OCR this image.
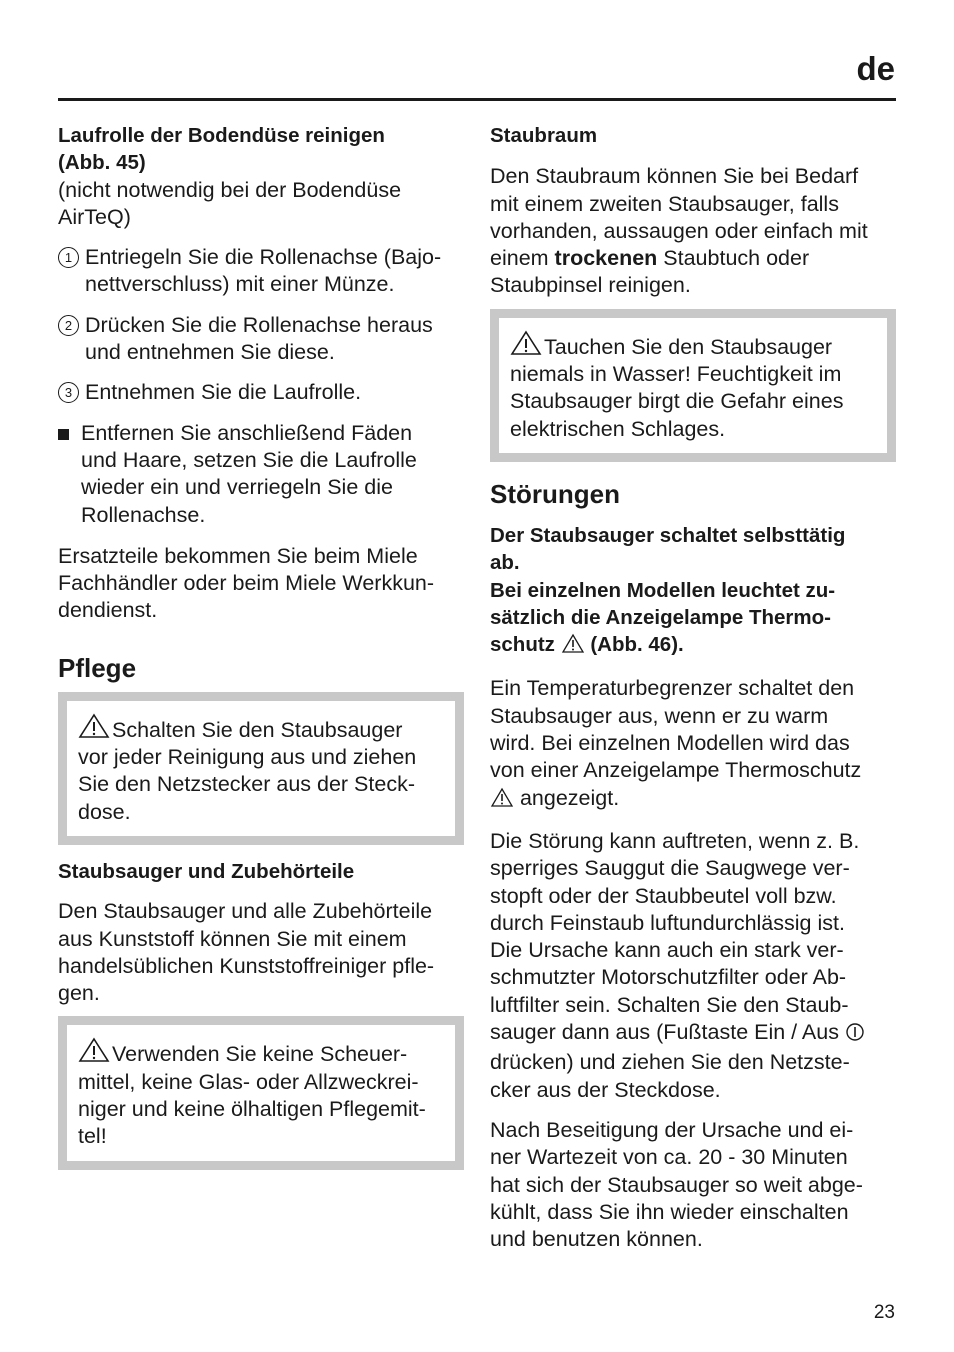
de
Laufrolle der Bodendüse reinigen
(Abb. 45)

(nicht notwendig bei der Bodendüse
AirTeQ)

1 Entriegeln Sie die Rollenachse (Bajo-
nettverschluss) mit einer Münze.

2 Drücken Sie die Rollenachse heraus
und entnehmen Sie diese.

3 Entnehmen Sie die Laufrolle.

Entfernen Sie anschließend Fäden
und Haare, setzen Sie die Laufrolle
wieder ein und verriegeln Sie die
Rollenachse.

Ersatzteile bekommen Sie beim Miele
Fachhändler oder beim Miele Werkkun-
dendienst.

Pflege

Schalten Sie den Staubsauger
vor jeder Reinigung aus und ziehen
Sie den Netzstecker aus der Steck-
dose.

Staubsauger und Zubehörteile

Den Staubsauger und alle Zubehörteile
aus Kunststoff können Sie mit einem
handelsüblichen Kunststoffreiniger pfle-
gen.

Verwenden Sie keine Scheuer-
mittel, keine Glas- oder Allzweckrei-
niger und keine ölhaltigen Pflegemit-
tel!

Staubraum

Den Staubraum können Sie bei Bedarf
mit einem zweiten Staubsauger, falls
vorhanden, aussaugen oder einfach mit
einem trockenen Staubtuch oder
Staubpinsel reinigen.

Tauchen Sie den Staubsauger
niemals in Wasser! Feuchtigkeit im
Staubsauger birgt die Gefahr eines
elektrischen Schlages.

Störungen
Der Staubsauger schaltet selbsttätig
ab.
Bei einzelnen Modellen leuchtet zu-
sätzlich die Anzeigelampe Thermo-
schutz  (Abb. 46).

Ein Temperaturbegrenzer schaltet den
Staubsauger aus, wenn er zu warm
wird. Bei einzelnen Modellen wird das
von einer Anzeigelampe Thermoschutz
angezeigt.

Die Störung kann auftreten, wenn z. B.
sperriges Sauggut die Saugwege ver-
stopft oder der Staubbeutel voll bzw.
durch Feinstaub luftundurchlässig ist.
Die Ursache kann auch ein stark ver-
schmutzter Motorschutzfilter oder Ab-
luftfilter sein. Schalten Sie den Staub-
sauger dann aus (Fußtaste Ein / Aus
drücken) und ziehen Sie den Netzste-
cker aus der Steckdose.

Nach Beseitigung der Ursache und ei-
ner Wartezeit von ca. 20 - 30 Minuten
hat sich der Staubsauger so weit abge-
kühlt, dass Sie ihn wieder einschalten
und benutzen können.

23
